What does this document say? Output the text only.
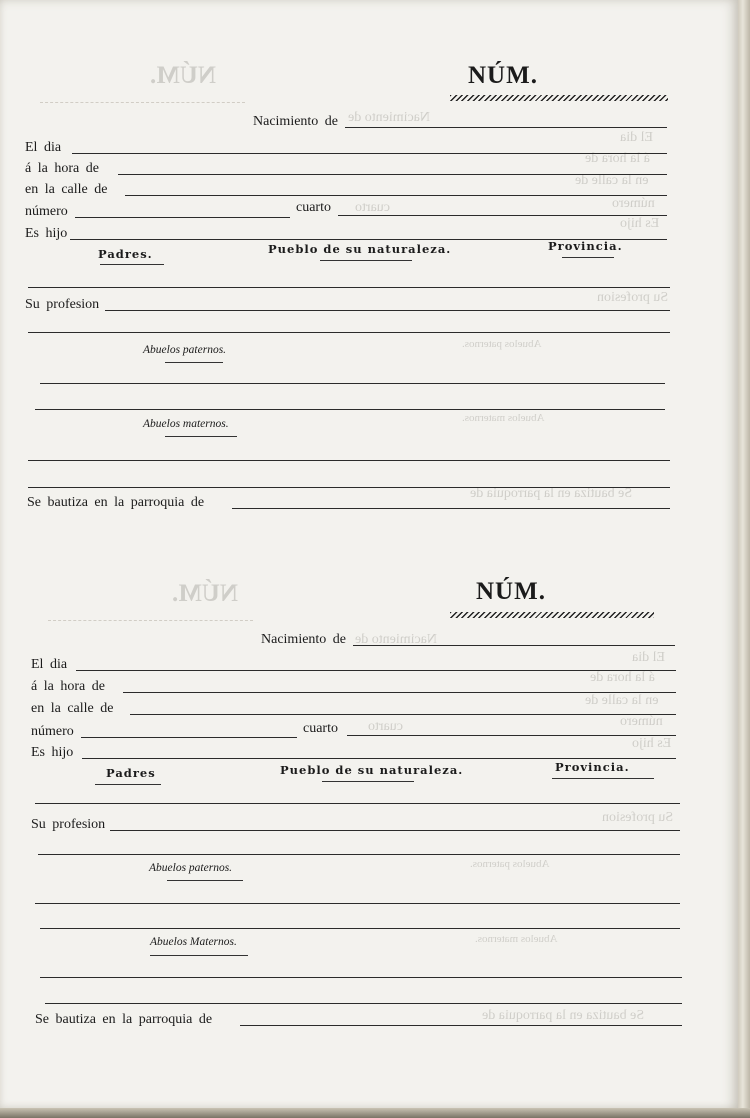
NÚM.
Nacimiento de
El dia
á la hora de
en la calle de
número
cuarto
Es hijo
Su profesion
Abuelos paternos.
Abuelos maternos.
Se bautiza en la parroquia de
NÚM.
Nacimiento de
El dia
á la hora de
en la calle de
número	cuarto
Es hijo
Padres.	Pueblo de su naturaleza.	Provincia.
Su profesion
Abuelos paternos.
Abuelos maternos.
Se bautiza en la parroquia de
NÚM.
Nacimiento de
El dia
á la hora de
en la calle de
número
cuarto
Es hijo
Su profesion
Abuelos paternos.
Abuelos maternos.
Se bautiza en la parroquia de
NÚM.
Nacimiento de
El dia
á la hora de
en la calle de
número	cuarto
Es hijo
Padres	Pueblo de su naturaleza.	Provincia.
Su profesion
Abuelos paternos.
Abuelos Maternos.
Se bautiza en la parroquia de
